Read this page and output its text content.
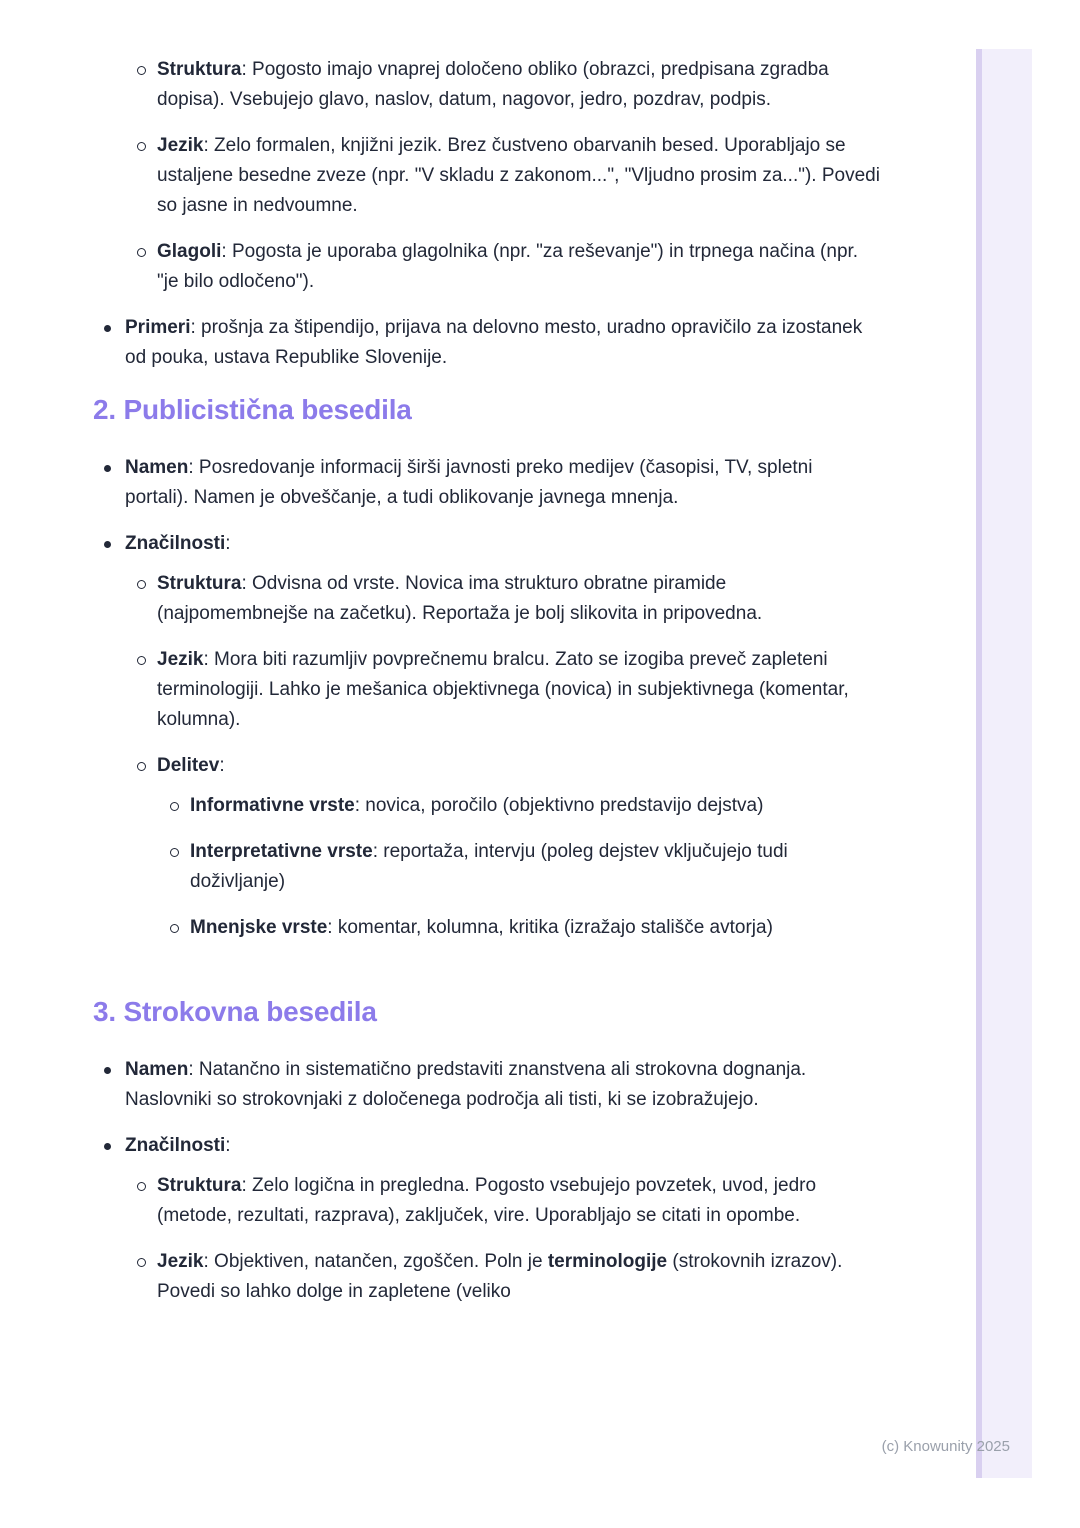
(c) Knowunity 2025
Struktura: Pogosto imajo vnaprej določeno obliko (obrazci, predpisana zgradba dopisa). Vsebujejo glavo, naslov, datum, nagovor, jedro, pozdrav, podpis.
Jezik: Zelo formalen, knjižni jezik. Brez čustveno obarvanih besed. Uporabljajo se ustaljene besedne zveze (npr. "V skladu z zakonom...", "Vljudno prosim za..."). Povedi so jasne in nedvoumne.
Glagoli: Pogosta je uporaba glagolnika (npr. "za reševanje") in trpnega načina (npr. "je bilo odločeno").
Primeri: prošnja za štipendijo, prijava na delovno mesto, uradno opravičilo za izostanek od pouka, ustava Republike Slovenije.
2. Publicistična besedila
Namen: Posredovanje informacij širši javnosti preko medijev (časopisi, TV, spletni portali). Namen je obveščanje, a tudi oblikovanje javnega mnenja.
Značilnosti:
Struktura: Odvisna od vrste. Novica ima strukturo obratne piramide (najpomembnejše na začetku). Reportaža je bolj slikovita in pripovedna.
Jezik: Mora biti razumljiv povprečnemu bralcu. Zato se izogiba preveč zapleteni terminologiji. Lahko je mešanica objektivnega (novica) in subjektivnega (komentar, kolumna).
Delitev:
Informativne vrste: novica, poročilo (objektivno predstavijo dejstva)
Interpretativne vrste: reportaža, intervju (poleg dejstev vključujejo tudi doživljanje)
Mnenjske vrste: komentar, kolumna, kritika (izražajo stališče avtorja)
3. Strokovna besedila
Namen: Natančno in sistematično predstaviti znanstvena ali strokovna dognanja. Naslovniki so strokovnjaki z določenega področja ali tisti, ki se izobražujejo.
Značilnosti:
Struktura: Zelo logična in pregledna. Pogosto vsebujejo povzetek, uvod, jedro (metode, rezultati, razprava), zaključek, vire. Uporabljajo se citati in opombe.
Jezik: Objektiven, natančen, zgoščen. Poln je terminologije (strokovnih izrazov). Povedi so lahko dolge in zapletene (veliko
